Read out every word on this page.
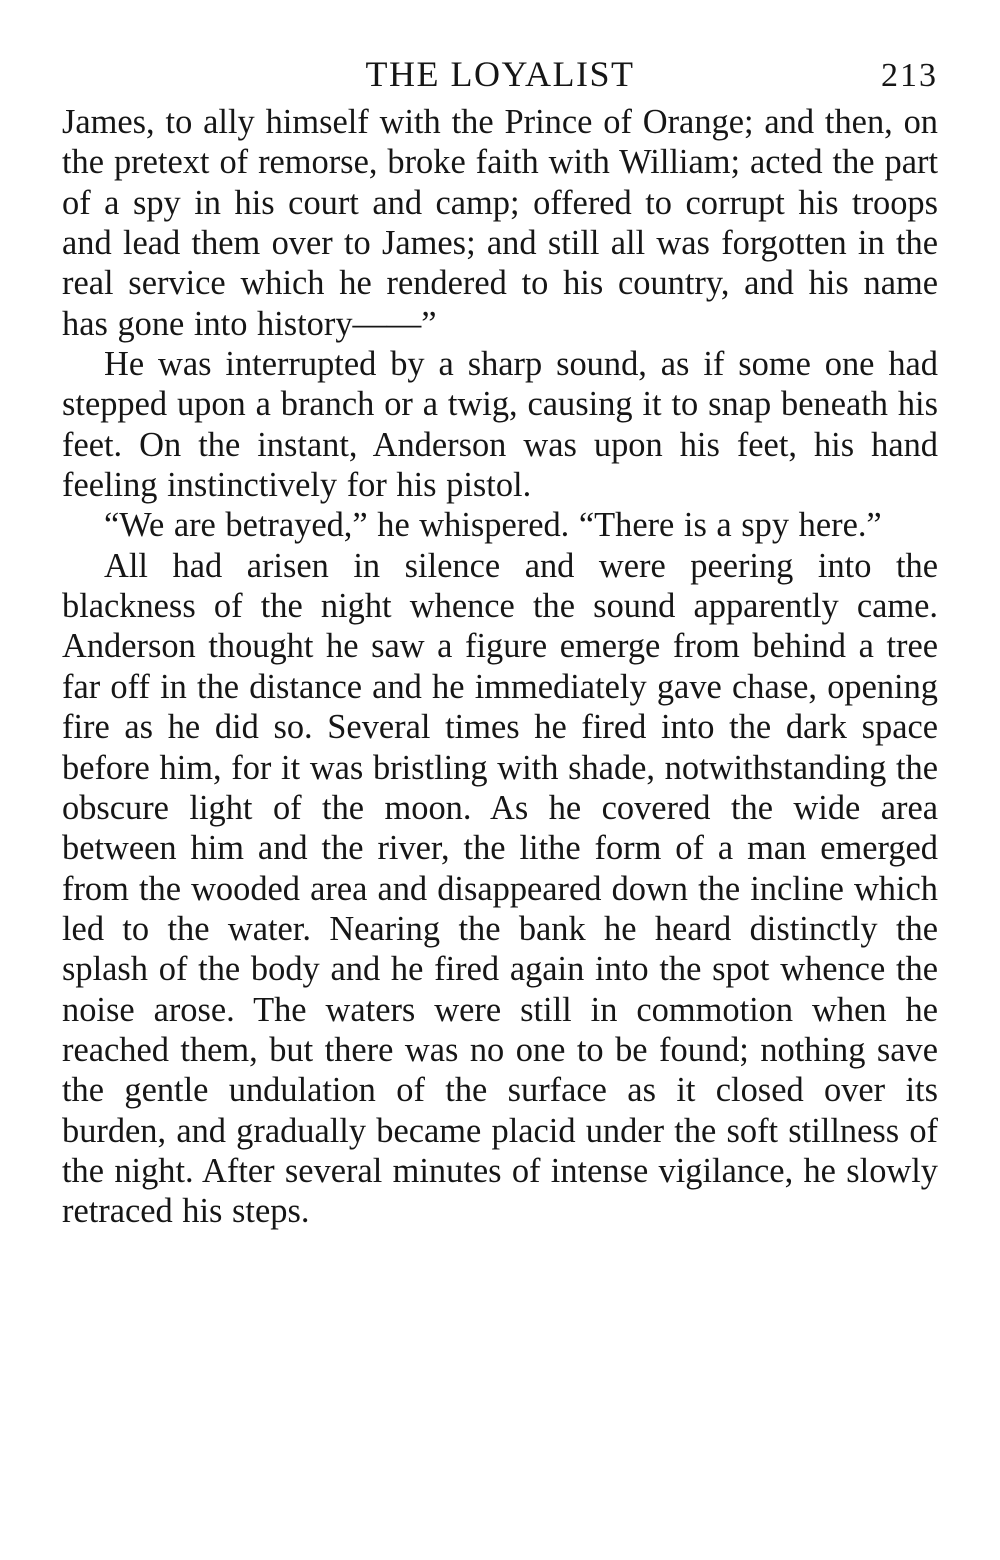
THE LOYALIST	213

James, to ally himself with the Prince of Orange; and then, on the pretext of remorse, broke faith with William; acted the part of a spy in his court and camp; offered to corrupt his troops and lead them over to James; and still all was forgotten in the real service which he rendered to his country, and his name has gone into history——”

He was interrupted by a sharp sound, as if some one had stepped upon a branch or a twig, causing it to snap beneath his feet. On the instant, Anderson was upon his feet, his hand feeling instinctively for his pistol.

“We are betrayed,” he whispered. “There is a spy here.”

All had arisen in silence and were peering into the blackness of the night whence the sound apparently came. Anderson thought he saw a figure emerge from behind a tree far off in the distance and he immediately gave chase, opening fire as he did so. Several times he fired into the dark space before him, for it was bristling with shade, notwithstanding the obscure light of the moon. As he covered the wide area between him and the river, the lithe form of a man emerged from the wooded area and disappeared down the incline which led to the water. Nearing the bank he heard distinctly the splash of the body and he fired again into the spot whence the noise arose. The waters were still in commotion when he reached them, but there was no one to be found; nothing save the gentle undulation of the surface as it closed over its burden, and gradually became placid under the soft stillness of the night. After several minutes of intense vigilance, he slowly retraced his steps.
